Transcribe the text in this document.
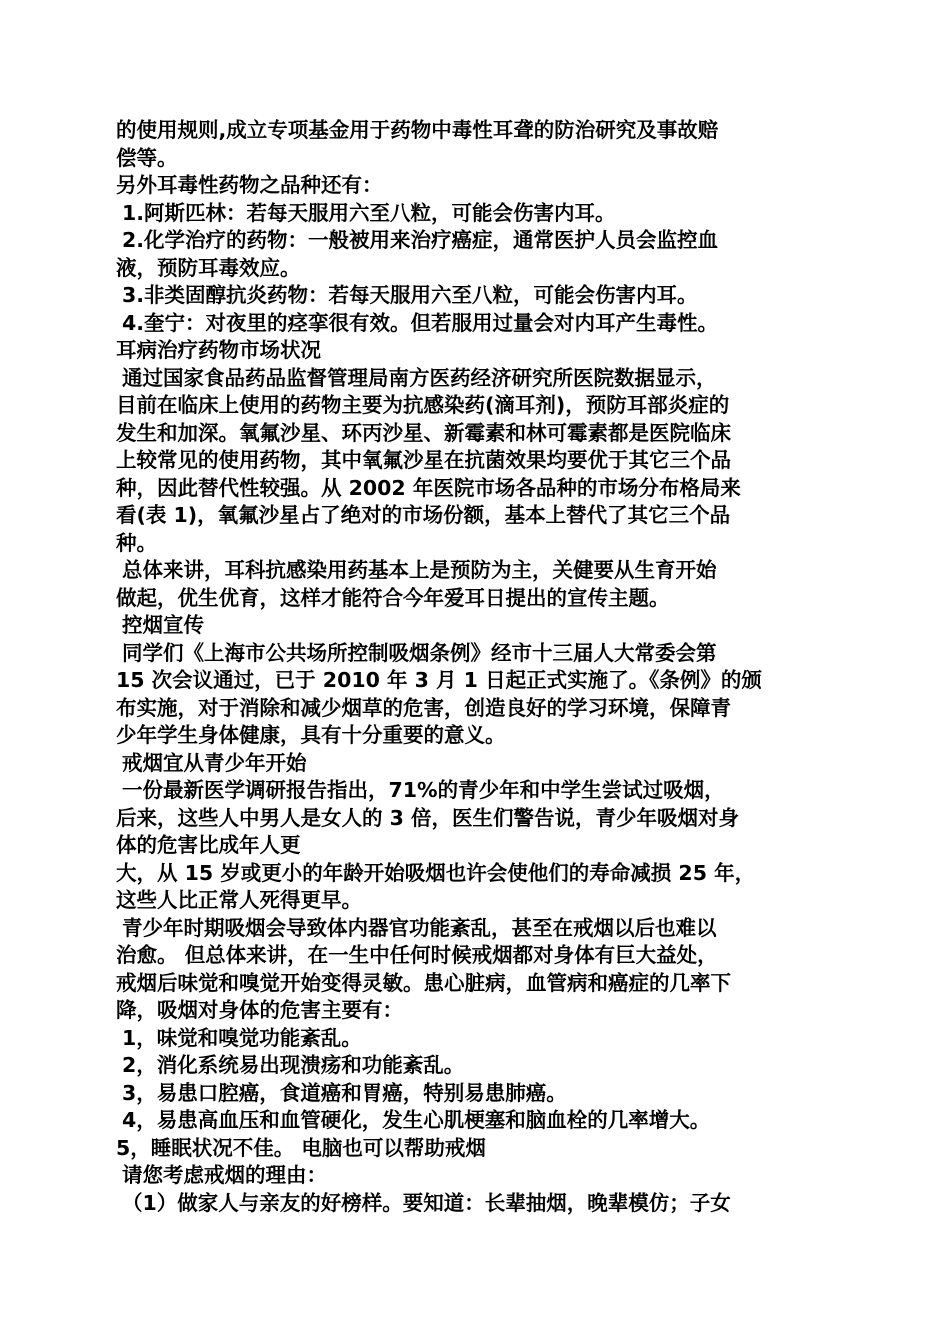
的使用规则,成立专项基金用于药物中毒性耳聋的防治研究及事故赔
偿等。
另外耳毒性药物之品种还有：
1.阿斯匹林：若每天服用六至八粒，可能会伤害内耳。
2.化学治疗的药物：一般被用来治疗癌症，通常医护人员会监控血
液，预防耳毒效应。
3.非类固醇抗炎药物：若每天服用六至八粒，可能会伤害内耳。
4.奎宁：对夜里的痉挛很有效。但若服用过量会对内耳产生毒性。
耳病治疗药物市场状况
通过国家食品药品监督管理局南方医药经济研究所医院数据显示，
目前在临床上使用的药物主要为抗感染药(滴耳剂)，预防耳部炎症的
发生和加深。氧氟沙星、环丙沙星、新霉素和林可霉素都是医院临床
上较常见的使用药物，其中氧氟沙星在抗菌效果均要优于其它三个品
种，因此替代性较强。从 2002 年医院市场各品种的市场分布格局来
看(表 1)，氧氟沙星占了绝对的市场份额，基本上替代了其它三个品
种。
总体来讲，耳科抗感染用药基本上是预防为主，关健要从生育开始
做起，优生优育，这样才能符合今年爱耳日提出的宣传主题。
控烟宣传
同学们《上海市公共场所控制吸烟条例》经市十三届人大常委会第
15 次会议通过，已于 2010 年 3 月 1 日起正式实施了。《条例》的颁
布实施，对于消除和减少烟草的危害，创造良好的学习环境，保障青
少年学生身体健康，具有十分重要的意义。
戒烟宜从青少年开始
一份最新医学调研报告指出，71%的青少年和中学生尝试过吸烟，
后来，这些人中男人是女人的 3 倍，医生们警告说，青少年吸烟对身
体的危害比成年人更
大，从 15 岁或更小的年龄开始吸烟也许会使他们的寿命减损 25 年，
这些人比正常人死得更早。
青少年时期吸烟会导致体内器官功能紊乱，甚至在戒烟以后也难以
治愈。 但总体来讲，在一生中任何时候戒烟都对身体有巨大益处，
戒烟后味觉和嗅觉开始变得灵敏。患心脏病，血管病和癌症的几率下
降，吸烟对身体的危害主要有：
1，味觉和嗅觉功能紊乱。
2，消化系统易出现溃疡和功能紊乱。
3，易患口腔癌，食道癌和胃癌，特别易患肺癌。
4，易患高血压和血管硬化，发生心肌梗塞和脑血栓的几率增大。
5，睡眠状况不佳。 电脑也可以帮助戒烟
请您考虑戒烟的理由：
（1）做家人与亲友的好榜样。要知道：长辈抽烟，晚辈模仿；子女
